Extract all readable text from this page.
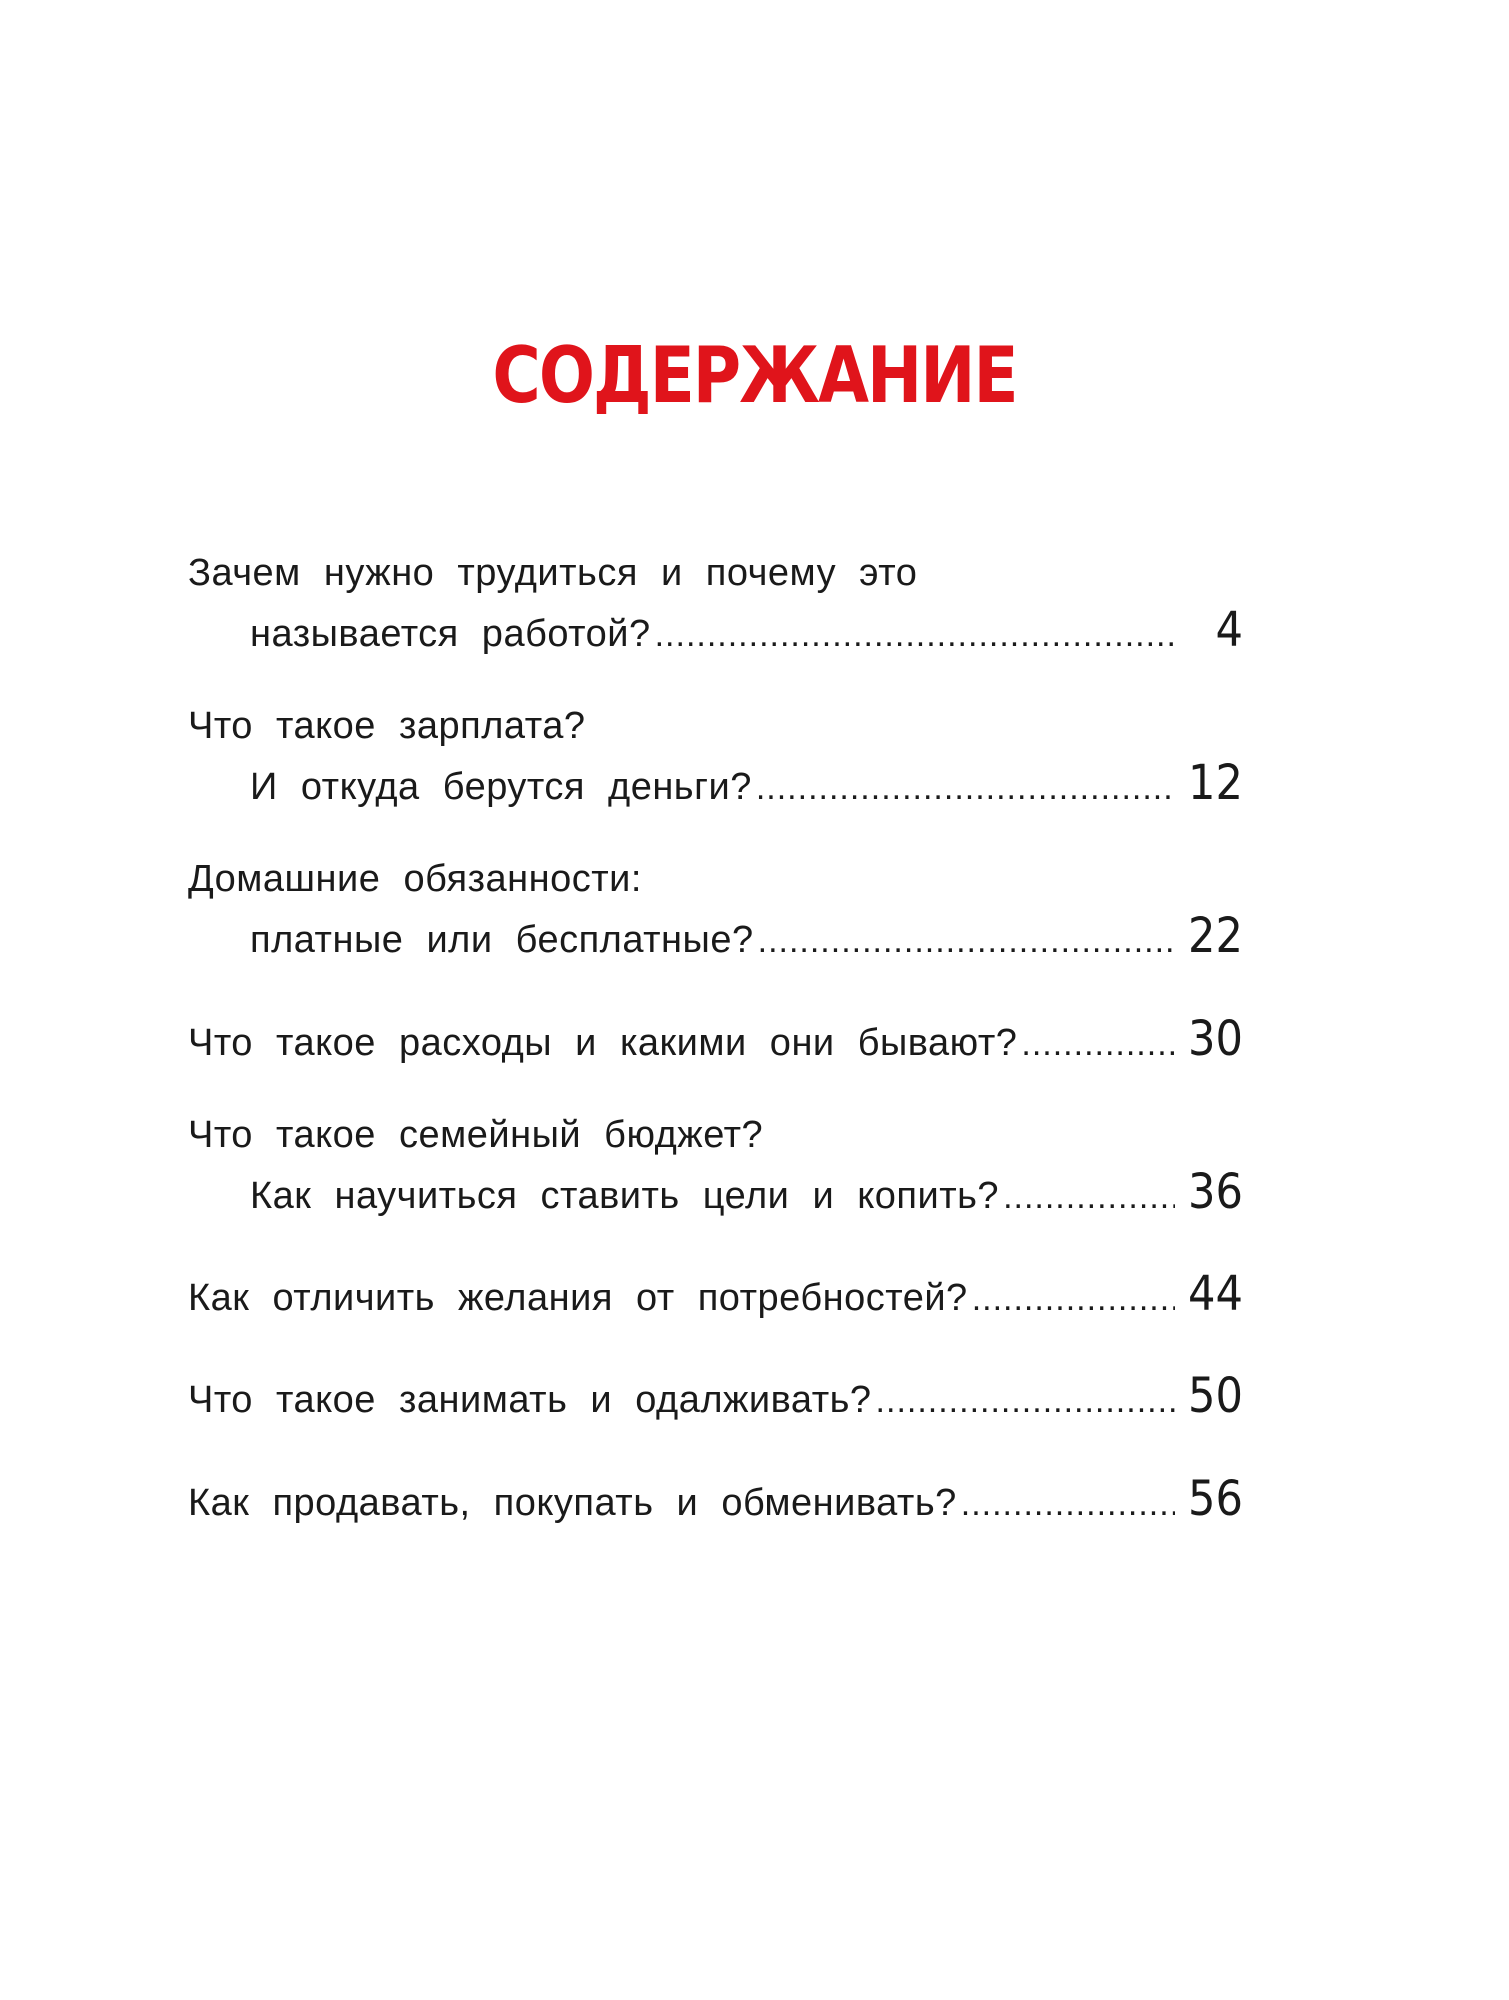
СОДЕРЖАНИЕ
Зачем нужно трудиться и почему это
называется работой? .....	4
Что такое зарплата?
И откуда берутся деньги? .....	12
Домашние обязанности:
платные или бесплатные? .....	22
Что такое расходы и какими они бывают? .....	30
Что такое семейный бюджет?
Как научиться ставить цели и копить? .....	36
Как отличить желания от потребностей? .....	44
Что такое занимать и одалживать? .....	50
Как продавать, покупать и обменивать? .....	56
